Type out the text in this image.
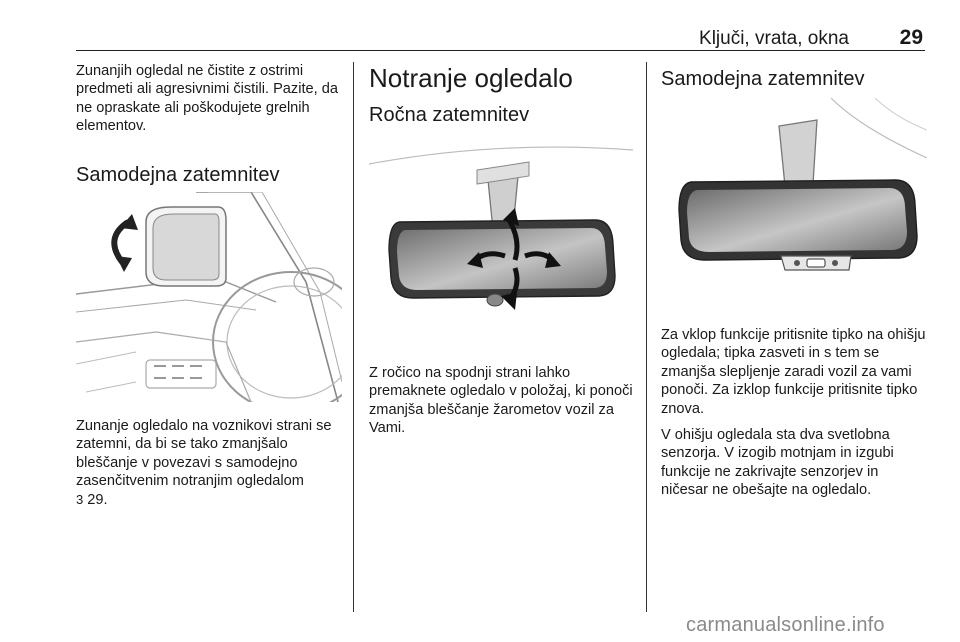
Ključi, vrata, okna 29

Zunanjih ogledal ne čistite z ostrimi predmeti ali agresivnimi čistili. Pazite, da ne opraskate ali poškodujete grelnih elementov.

Samodejna zatemnitev

Zunanje ogledalo na voznikovi strani se zatemni, da bi se tako zmanjšalo bleščanje v povezavi s samodejno zasenčitvenim notranjim ogledalom
3 29.

Notranje ogledalo
Ročna zatemnitev

Z ročico na spodnji strani lahko premaknete ogledalo v položaj, ki ponoči zmanjša bleščanje žarometov vozil za Vami.

Samodejna zatemnitev

Za vklop funkcije pritisnite tipko na ohišju ogledala; tipka zasveti in s tem se zmanjša slepljenje zaradi vozil za vami ponoči. Za izklop funkcije pritisnite tipko znova.

V ohišju ogledala sta dva svetlobna senzorja. V izogib motnjam in izgubi funkcije ne zakrivajte senzorjev in ničesar ne obešajte na ogledalo.

carmanualsonline.info
